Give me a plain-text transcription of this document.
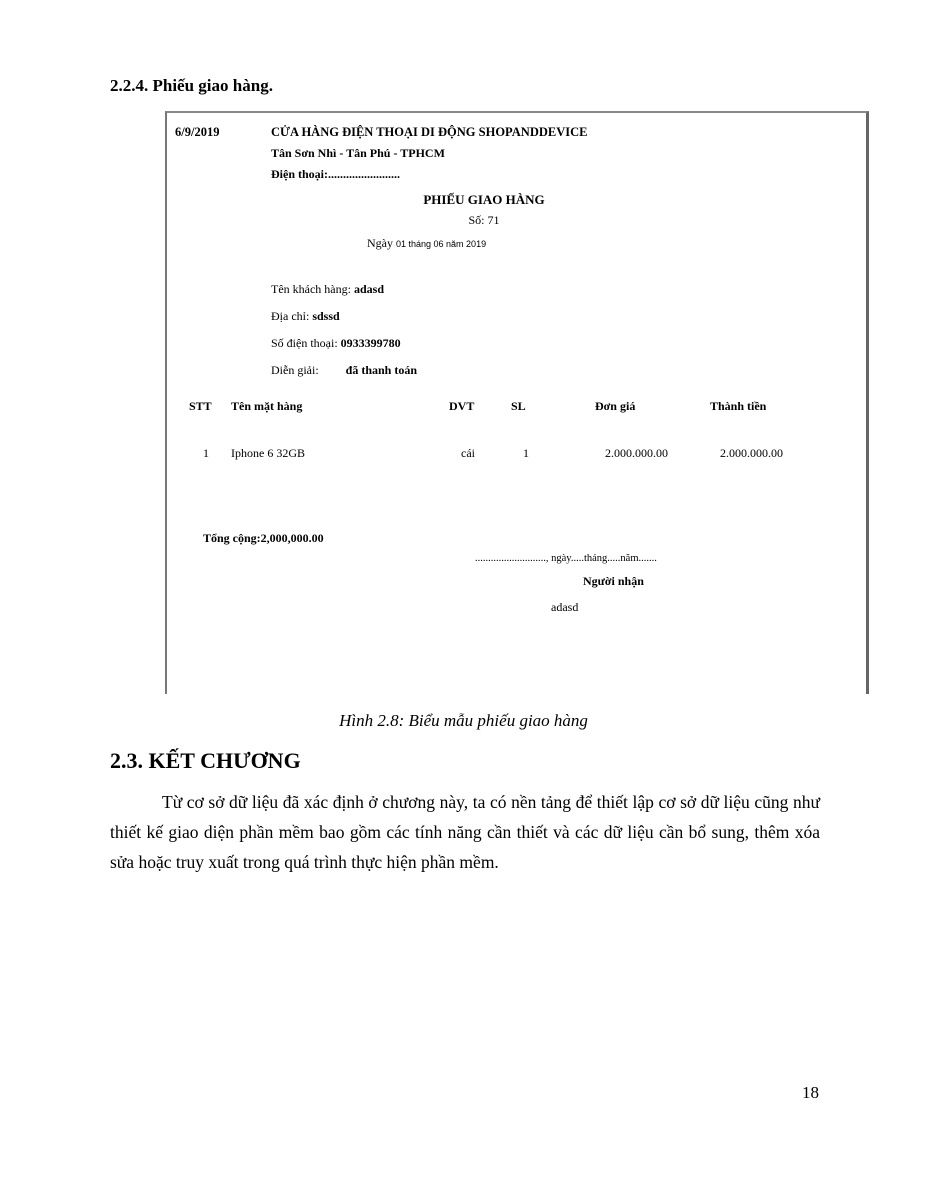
2.2.4. Phiếu giao hàng.
6/9/2019	CỬA HÀNG ĐIỆN THOẠI DI ĐỘNG SHOPANDDEVICE
Tân Sơn Nhì - Tân Phú - TPHCM
Điện thoại:........................
PHIẾU GIAO HÀNG
Số: 71
Ngày 01 tháng 06 năm 2019
Tên khách hàng: adasd
Địa chỉ: sdssd
Số điện thoại: 0933399780
Diễn giải: đã thanh toán
STT Tên mặt hàng	DVT	SL	Đơn giá	Thành tiền
1 Iphone 6 32GB	cái	1	2.000.000.00	2.000.000.00
Tổng cộng:2,000,000.00
..........................., ngày.....tháng.....năm.......
Người nhận
adasd
Hình 2.8: Biểu mẫu phiếu giao hàng
2.3. KẾT CHƯƠNG
Từ cơ sở dữ liệu đã xác định ở chương này, ta có nền tảng để thiết lập cơ sở dữ liệu cũng như thiết kế giao diện phần mềm bao gồm các tính năng cần thiết và các dữ liệu cần bổ sung, thêm xóa sửa hoặc truy xuất trong quá trình thực hiện phần mềm.
18
